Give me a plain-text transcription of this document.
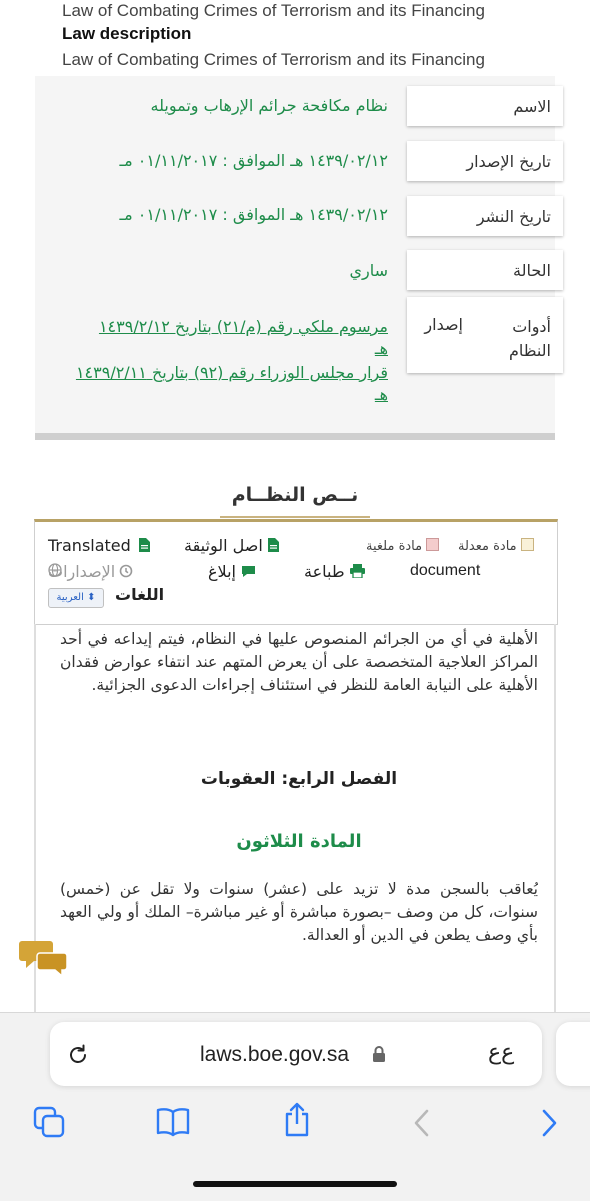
Law of Combating Crimes of Terrorism and its Financing
Law description
Law of Combating Crimes of Terrorism and its Financing
الاسم
نظام مكافحة جرائم الإرهاب وتمويله
تاريخ الإصدار
١٤٣٩/٠٢/١٢ هـ الموافق : ٠١/١١/٢٠١٧ مـ
تاريخ النشر
١٤٣٩/٠٢/١٢ هـ الموافق : ٠١/١١/٢٠١٧ مـ
الحالة
ساري
أدوات
النظام
إصدار
مرسوم ملكي رقم (م/٢١) بتاريخ ١٤٣٩/٢/١٢
هـ
قرار مجلس الوزراء رقم (٩٢) بتاريخ ١٤٣٩/٢/١١
هـ
نــص النظــام
Translated	اصل الوثيقة	مادة ملغية	مادة معدلة
الإصدارات	إبلاغ	طباعة	document
اللغات
العربية ⬍
الأهلية في أي من الجرائم المنصوص عليها في النظام، فيتم إيداعه في أحد المراكز العلاجية المتخصصة على أن يعرض المتهم عند انتفاء عوارض فقدان الأهلية على النيابة العامة للنظر في استئناف إجراءات الدعوى الجزائية.
الفصل الرابع: العقوبات
المادة الثلاثون
يُعاقب بالسجن مدة لا تزيد على (عشر) سنوات ولا تقل عن (خمس) سنوات، كل من وصف –بصورة مباشرة أو غير مباشرة– الملك أو ولي العهد بأي وصف يطعن في الدين أو العدالة.
laws.boe.gov.sa	ﻉﻉ
